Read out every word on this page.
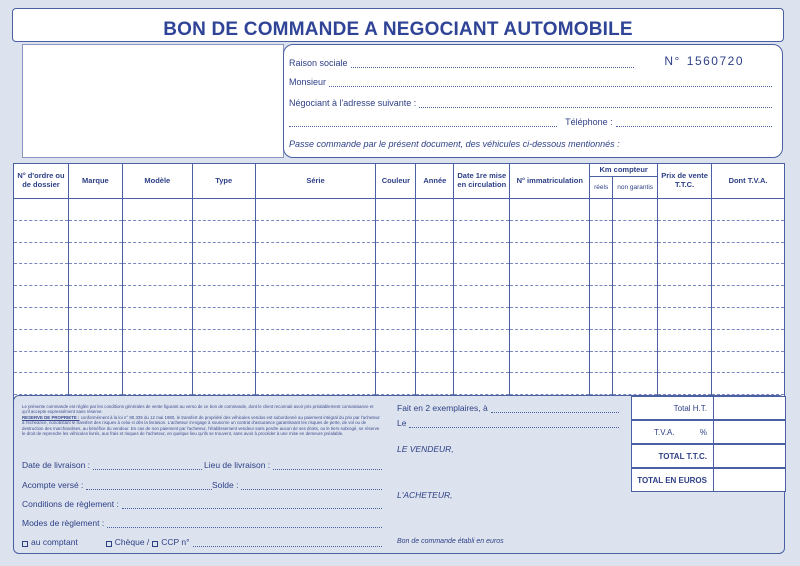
BON DE COMMANDE A NEGOCIANT AUTOMOBILE
Raison sociale	N° 1560720
Monsieur
Négociant à l'adresse suivante :
Téléphone :
Passe commande par le présent document, des véhicules ci-dessous mentionnés :
N° d'ordre ou de dossier	Marque	Modèle	Type	Série	Couleur	Année	Date 1re mise en circulation	N° immatriculation	Km compteur		Prix de vente T.T.C.	Dont T.V.A.
									réels	non garantis		

Le présente commande est réglée par les conditions générales de vente figurant au verso de ce bon de commande, dont le client reconnait avoir pris préalablement connaissance et qu'il accepte expressément sans réserve.
RESERVE DE PROPRIETE : conformément à la loi n° 80.335 du 12 mai 1980, le transfert de propriété des véhicules vendus est subordonné au paiement intégral du prix par l'acheteur à l'échéance, nonobstant le transfert des risques à celui-ci dès la livraison. L'acheteur s'engage à souscrire un contrat d'assurance garantissant les risques de perte, de vol ou de destruction des marchandises, au bénéfice du vendeur. En cas de non paiement par l'acheteur, l'établissement vendeur sans perdre aucun de ses droits, ou le tiers subrogé, se réserve le droit de reprendre les véhicules livrés, aux frais et risques de l'acheteur, en quelque lieu qu'ils se trouvent, sans avoir à procéder à une mise en demeure préalable.
Date de livraison :	Lieu de livraison :
Acompte versé :	Solde :
Conditions de règlement :
Modes de règlement :
au comptant	Chèque / CCP n°
Fait en 2 exemplaires, à
Le
LE VENDEUR,
L'ACHETEUR,
Bon de commande établi en euros
Total H.T.
T.V.A.	%
TOTAL T.T.C.
TOTAL EN EUROS
